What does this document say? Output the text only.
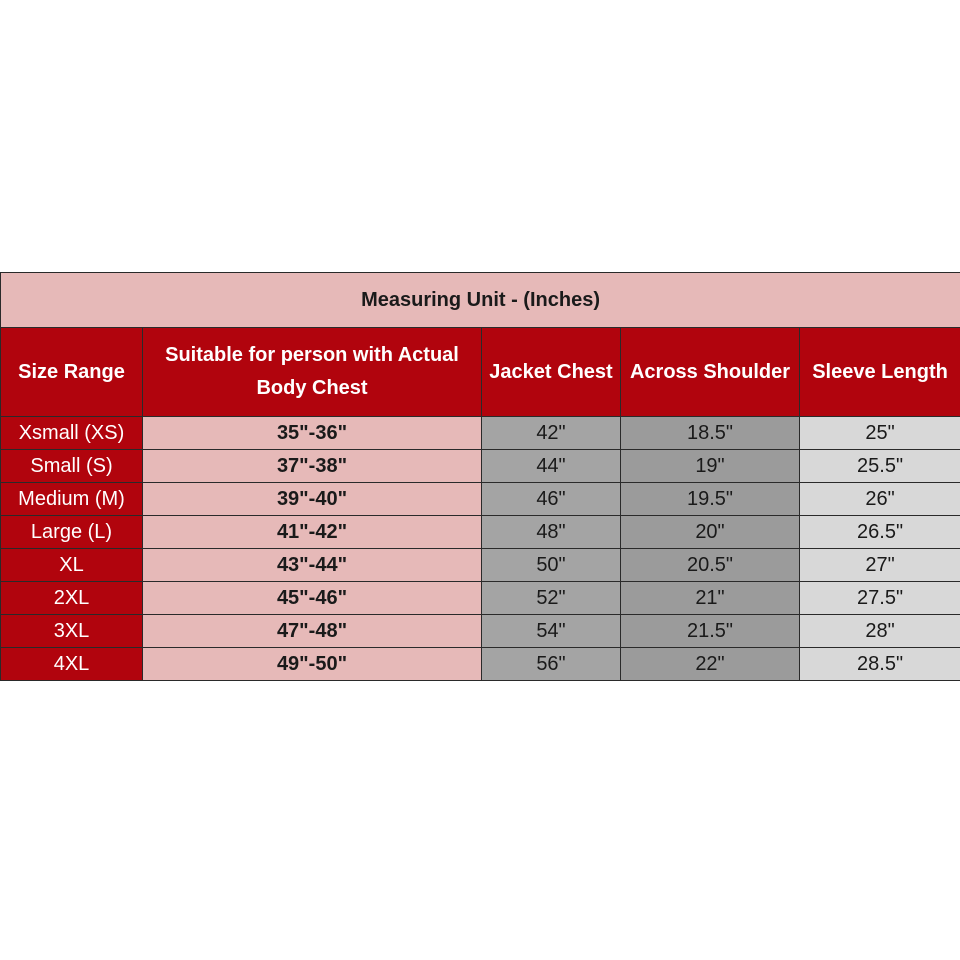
Measuring Unit - (Inches)				
Size Range	Suitable for person with Actual Body Chest	Jacket Chest	Across Shoulder	Sleeve Length
Xsmall (XS)	35"-36"	42"	18.5"	25"
Small (S)	37"-38"	44"	19"	25.5"
Medium (M)	39"-40"	46"	19.5"	26"
Large (L)	41"-42"	48"	20"	26.5"
XL	43"-44"	50"	20.5"	27"
2XL	45"-46"	52"	21"	27.5"
3XL	47"-48"	54"	21.5"	28"
4XL	49"-50"	56"	22"	28.5"
